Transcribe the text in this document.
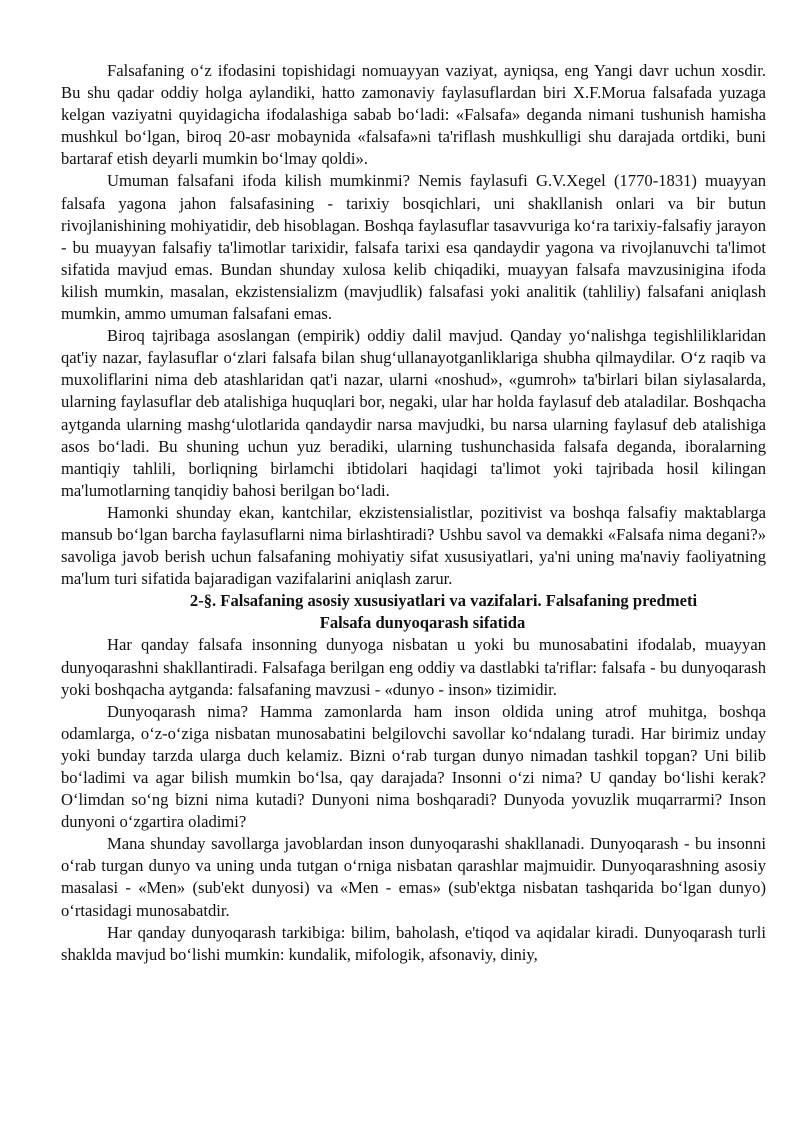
Falsafaning o‘z ifodasini topishidagi nomuayyan vaziyat, ayniqsa, eng Yangi davr uchun xosdir. Bu shu qadar oddiy holga aylandiki, hatto zamonaviy faylasuflardan biri X.F.Morua falsafada yuzaga kelgan vaziyatni quyidagicha ifodalashiga sabab bo‘ladi: «Falsafa» deganda nimani tushunish hamisha mushkul bo‘lgan, biroq 20-asr mobaynida «falsafa»ni ta'riflash mushkulligi shu darajada ortdiki, buni bartaraf etish deyarli mumkin bo‘lmay qoldi».

Umuman falsafani ifoda kilish mumkinmi? Nemis faylasufi G.V.Xegel (1770-1831) muayyan falsafa yagona jahon falsafasining - tarixiy bosqichlari, uni shakllanish onlari va bir butun rivojlanishining mohiyatidir, deb hisoblagan. Boshqa faylasuflar tasavvuriga ko‘ra tarixiy-falsafiy jarayon - bu muayyan falsafiy ta'limotlar tarixidir, falsafa tarixi esa qandaydir yagona va rivojlanuvchi ta'limot sifatida mavjud emas. Bundan shunday xulosa kelib chiqadiki, muayyan falsafa mavzusinigina ifoda kilish mumkin, masalan, ekzistensializm (mavjudlik) falsafasi yoki analitik (tahliliy) falsafani aniqlash mumkin, ammo umuman falsafani emas.

Biroq tajribaga asoslangan (empirik) oddiy dalil mavjud. Qanday yo‘nalishga tegishliliklaridan qat'iy nazar, faylasuflar o‘zlari falsafa bilan shug‘ullanayotganliklariga shubha qilmaydilar. O‘z raqib va muxoliflarini nima deb atashlaridan qat'i nazar, ularni «noshud», «gumroh» ta'birlari bilan siylasalarda, ularning faylasuflar deb atalishiga huquqlari bor, negaki, ular har holda faylasuf deb ataladilar. Boshqacha aytganda ularning mashg‘ulotlarida qandaydir narsa mavjudki, bu narsa ularning faylasuf deb atalishiga asos bo‘ladi. Bu shuning uchun yuz beradiki, ularning tushunchasida falsafa deganda, iboralarning mantiqiy tahlili, borliqning birlamchi ibtidolari haqidagi ta'limot yoki tajribada hosil kilingan ma'lumotlarning tanqidiy bahosi berilgan bo‘ladi.

Hamonki shunday ekan, kantchilar, ekzistensialistlar, pozitivist va boshqa falsafiy maktablarga mansub bo‘lgan barcha faylasuflarni nima birlashtiradi? Ushbu savol va demakki «Falsafa nima degani?» savoliga javob berish uchun falsafaning mohiyatiy sifat xususiyatlari, ya'ni uning ma'naviy faoliyatning ma'lum turi sifatida bajaradigan vazifalarini aniqlash zarur.

2-§. Falsafaning asosiy xususiyatlari va vazifalari. Falsafaning predmeti
Falsafa dunyoqarash sifatida

Har qanday falsafa insonning dunyoga nisbatan u yoki bu munosabatini ifodalab, muayyan dunyoqarashni shakllantiradi. Falsafaga berilgan eng oddiy va dastlabki ta'riflar: falsafa - bu dunyoqarash yoki boshqacha aytganda: falsafaning mavzusi - «dunyo - inson» tizimidir.

Dunyoqarash nima? Hamma zamonlarda ham inson oldida uning atrof muhitga, boshqa odamlarga, o‘z-o‘ziga nisbatan munosabatini belgilovchi savollar ko‘ndalang turadi. Har birimiz unday yoki bunday tarzda ularga duch kelamiz. Bizni o‘rab turgan dunyo nimadan tashkil topgan? Uni bilib bo‘ladimi va agar bilish mumkin bo‘lsa, qay darajada? Insonni o‘zi nima? U qanday bo‘lishi kerak? O‘limdan so‘ng bizni nima kutadi? Dunyoni nima boshqaradi? Dunyoda yovuzlik muqarrarmi? Inson dunyoni o‘zgartira oladimi?

Mana shunday savollarga javoblardan inson dunyoqarashi shakllanadi. Dunyoqarash - bu insonni o‘rab turgan dunyo va uning unda tutgan o‘rniga nisbatan qarashlar majmuidir. Dunyoqarashning asosiy masalasi - «Men» (sub'ekt dunyosi) va «Men - emas» (sub'ektga nisbatan tashqarida bo‘lgan dunyo) o‘rtasidagi munosabatdir.

Har qanday dunyoqarash tarkibiga: bilim, baholash, e'tiqod va aqidalar kiradi. Dunyoqarash turli shaklda mavjud bo‘lishi mumkin: kundalik, mifologik, afsonaviy, diniy,
